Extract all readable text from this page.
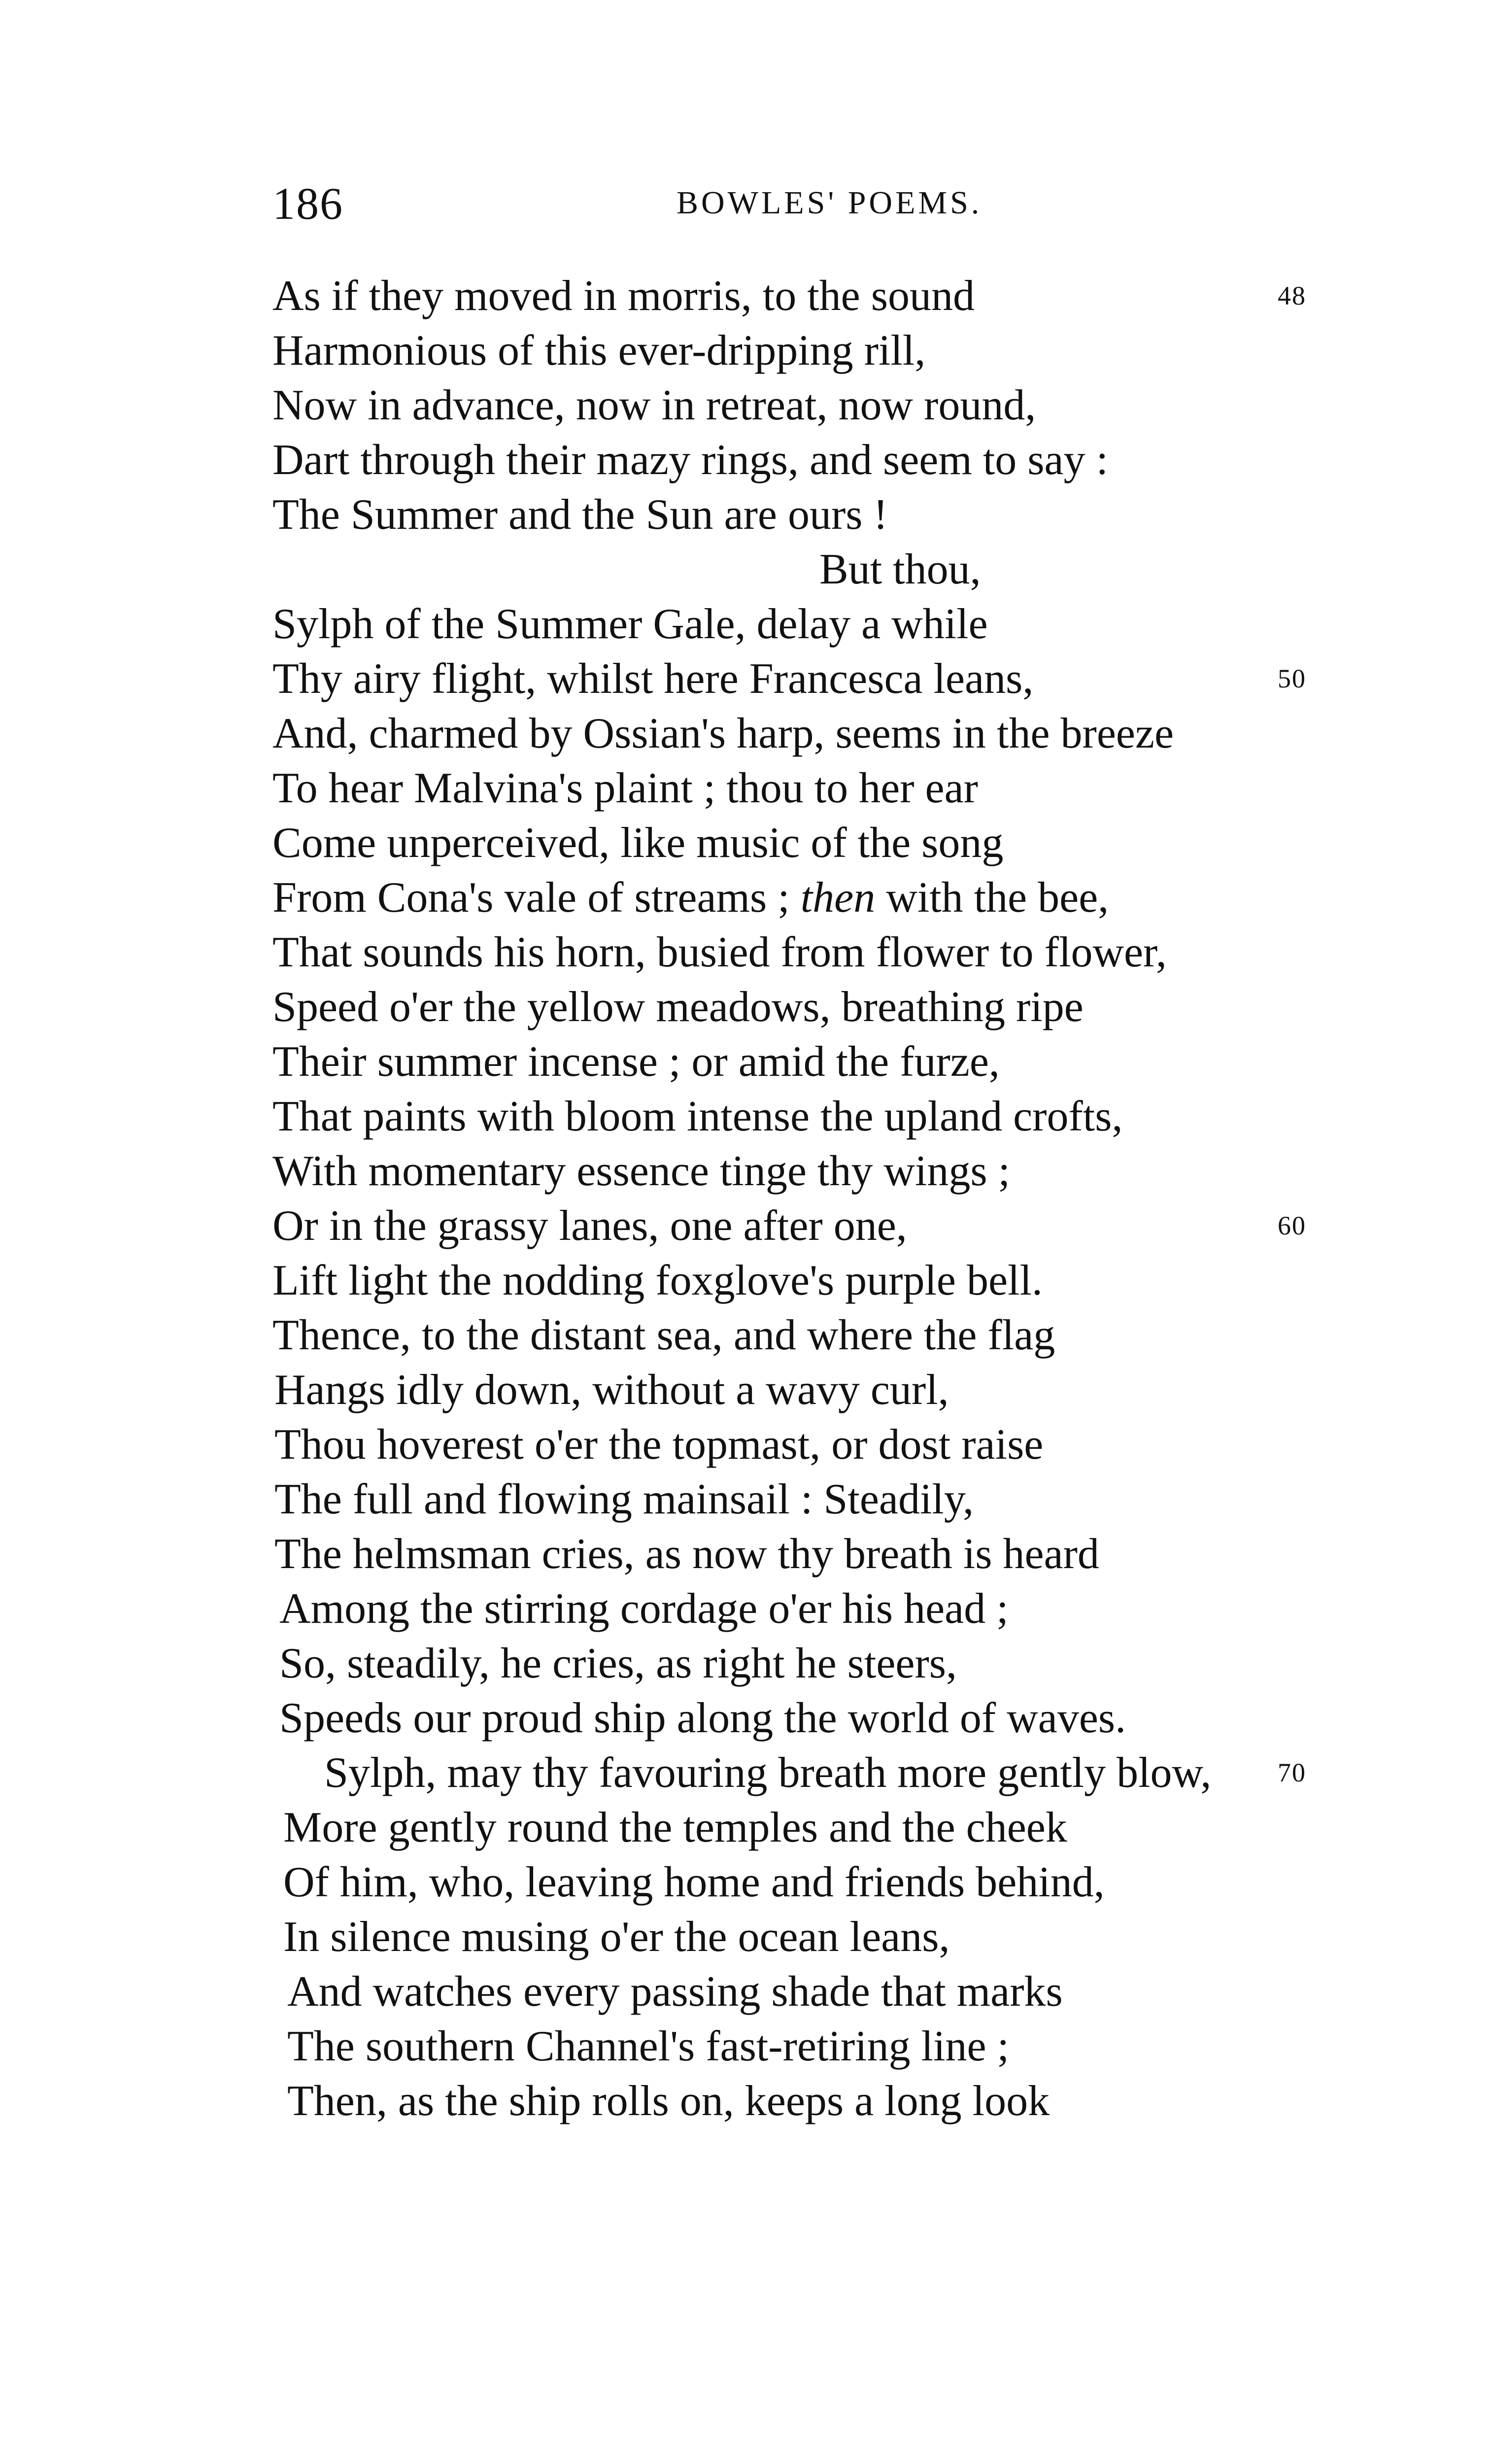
186	BOWLES' POEMS.
As if they moved in morris, to the sound	48
Harmonious of this ever-dripping rill,
Now in advance, now in retreat, now round,
Dart through their mazy rings, and seem to say :
The Summer and the Sun are ours !
But thou,
Sylph of the Summer Gale, delay a while
Thy airy flight, whilst here Francesca leans,	50
And, charmed by Ossian's harp, seems in the breeze
To hear Malvina's plaint ; thou to her ear
Come unperceived, like music of the song
From Cona's vale of streams ; then with the bee,
That sounds his horn, busied from flower to flower,
Speed o'er the yellow meadows, breathing ripe
Their summer incense ; or amid the furze,
That paints with bloom intense the upland crofts,
With momentary essence tinge thy wings ;
Or in the grassy lanes, one after one,	60
Lift light the nodding foxglove's purple bell.
Thence, to the distant sea, and where the flag
Hangs idly down, without a wavy curl,
Thou hoverest o'er the topmast, or dost raise
The full and flowing mainsail : Steadily,
The helmsman cries, as now thy breath is heard
Among the stirring cordage o'er his head ;
So, steadily, he cries, as right he steers,
Speeds our proud ship along the world of waves.
Sylph, may thy favouring breath more gently blow, 70
More gently round the temples and the cheek
Of him, who, leaving home and friends behind,
In silence musing o'er the ocean leans,
And watches every passing shade that marks
The southern Channel's fast-retiring line ;
Then, as the ship rolls on, keeps a long look
